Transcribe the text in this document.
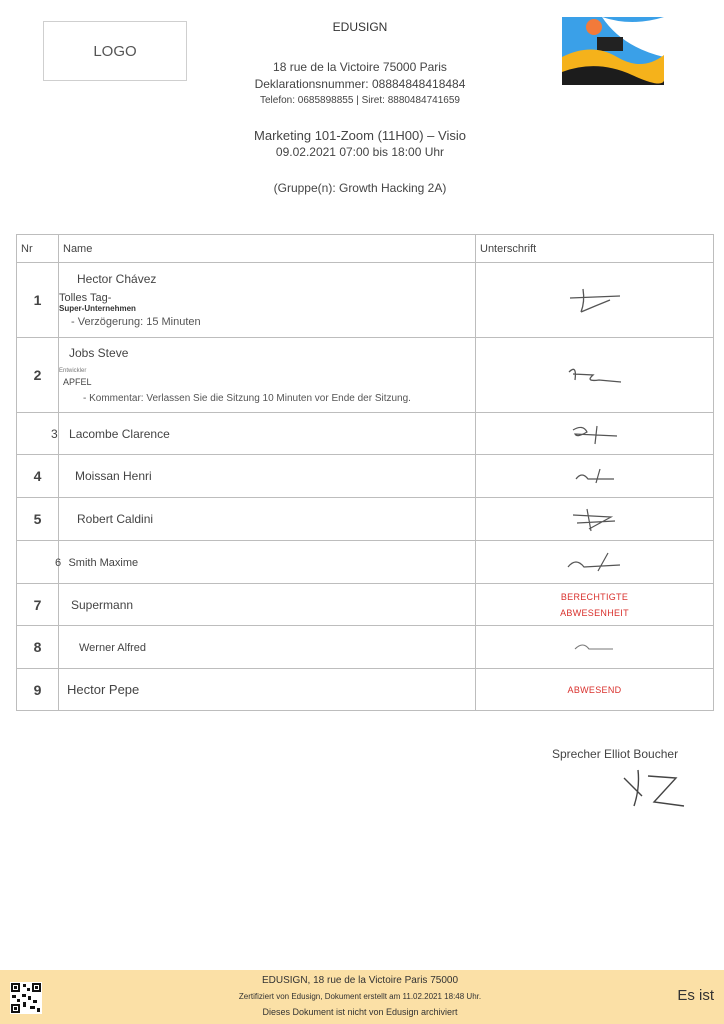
LOGO
EDUSIGN
18 rue de la Victoire 75000 Paris
Deklarationsnummer: 08884848418484
Telefon: 0685898855 | Siret: 8880484741659
Marketing 101-Zoom (11H00) – Visio
09.02.2021 07:00 bis 18:00 Uhr
(Gruppe(n): Growth Hacking 2A)
Nr	Name	Unterschrift
1	Hector Chávez
Tolles Tag-
Super-Unternehmen
- Verzögerung: 15 Minuten

2	Jobs Steve
Entwickler
APFEL
- Kommentar: Verlassen Sie die Sitzung 10 Minuten vor Ende der Sitzung.

	3 Lacombe Clarence	

4	Moissan Henri	

5	Robert Caldini	

	6 Smith Maxime	

7	Supermann	BERECHTIGTE
ABWESENHEIT

8	Werner Alfred	

9	Hector Pepe	ABWESEND
Sprecher Elliot Boucher
EDUSIGN, 18 rue de la Victoire Paris 75000
Zertifiziert von Edusign, Dokument erstellt am 11.02.2021 18:48 Uhr.
Dieses Dokument ist nicht von Edusign archiviert
Es ist
